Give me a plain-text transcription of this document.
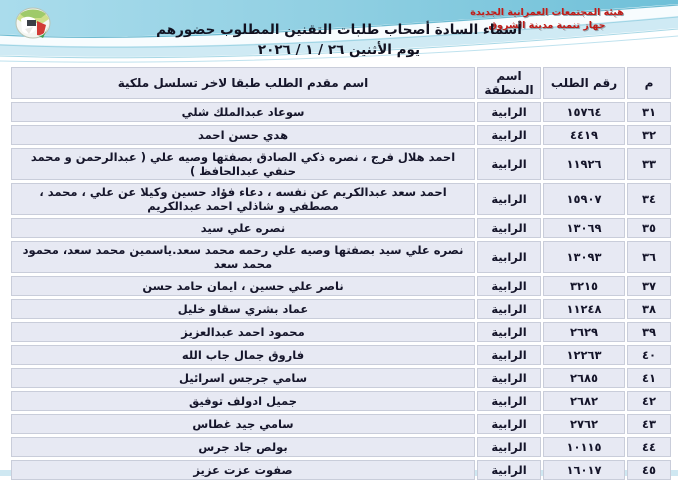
هيئة المجتمعات العمرانية الجديدة
جهاز تنمية مدينة الشروق
أسماء السادة أصحاب طلبات التقنين المطلوب حضورهم
يوم الأثنين ٢٦ / ١ / ٢٠٢٦
م	رقم الطلب	اسم المنطقة	اسم مقدم الطلب طبقا لاخر تسلسل ملكية
٣١	١٥٧٦٤	الرابية	سوعاد عبدالملك شلي
٣٢	٤٤١٩	الرابية	هدي حسن احمد
٣٣	١١٩٢٦	الرابية	احمد هلال فرج ، نصره ذكي الصادق بصفتها وصيه علي ( عبدالرحمن و محمد حنفي عبدالحافظ )
٣٤	١٥٩٠٧	الرابية	احمد سعد عبدالكريم عن نفسه ، دعاء فؤاد حسين وكيلا عن علي ، محمد ، مصطفي و شاذلي احمد عبدالكريم
٣٥	١٣٠٦٩	الرابية	نصره علي سيد
٣٦	١٣٠٩٣	الرابية	نصره علي سيد بصفتها وصيه علي رحمه محمد سعد.ياسمين محمد سعد، محمود محمد سعد
٣٧	٣٢١٥	الرابية	ناصر علي حسين ، ايمان حامد حسن
٣٨	١١٢٤٨	الرابية	عماد بشري سقاو خليل
٣٩	٢٦٢٩	الرابية	محمود احمد عبدالعزيز
٤٠	١٢٢٦٣	الرابية	فاروق جمال جاب الله
٤١	٢٦٨٥	الرابية	سامي جرجس اسرائيل
٤٢	٢٦٨٢	الرابية	جميل ادولف توفيق
٤٣	٢٧٦٢	الرابية	سامي جيد غطاس
٤٤	١٠١١٥	الرابية	بولص جاد جرس
٤٥	١٦٠١٧	الرابية	صفوت عزت عزيز
